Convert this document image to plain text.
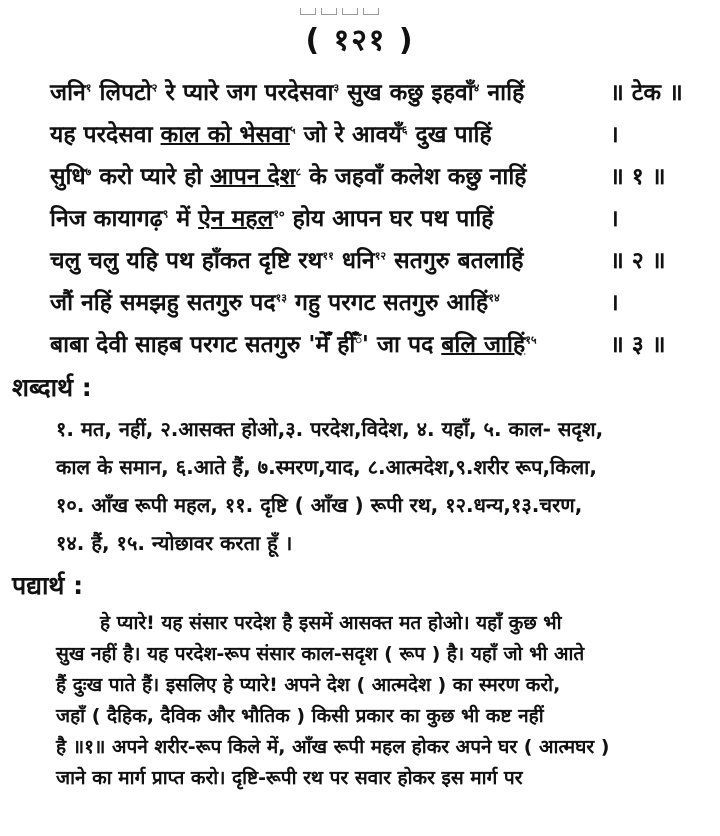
( १२१ )
जनि$^१$ लिपटो$^२$ रे प्यारे जग परदेसवा$^३$ सुख कछु इहवाँ$^४$ नाहिं	॥ टेक ॥
यह परदेसवा काल को भेसवा$^५$ जो रे आवयँ$^६$ दुख पाहिं	।
सुधि$^७$ करो प्यारे हो आपन देश$^८$ के जहवाँ कलेश कछु नाहिं	॥ १ ॥
निज कायागढ़$^९$ में ऐन महल$^{१०}$ होय आपन घर पथ पाहिं	।
चलु चलु यहि पथ हाँकत दृष्टि रथ$^{११}$ धनि$^{१२}$ सतगुरु बतलाहिं	॥ २ ॥
जौं नहिं समझहु सतगुरु पद$^{१३}$ गहु परगट सतगुरु आहिं$^{१४}$	।
बाबा देवी साहब परगट सतगुरु 'मेँ हीँँ' जा पद बलि जाहिं$^{१५}$	॥ ३ ॥
शब्दार्थ :
१. मत, नहीं, २.आसक्त होओ,३. परदेश,विदेश, ४. यहाँ, ५. काल- सदृश,
काल के समान, ६.आते हैं, ७.स्मरण,याद, ८.आत्मदेश,९.शरीर रूप,किला,
१०. आँख रूपी महल, ११. दृष्टि ( आँख ) रूपी रथ, १२.धन्य,१३.चरण,
१४. हैं, १५. न्योछावर करता हूँ ।
पद्यार्थ :
हे प्यारे! यह संसार परदेश है इसमें आसक्त मत होओ। यहाँ कुछ भी
सुख नहीं है। यह परदेश-रूप संसार काल-सदृश ( रूप ) है। यहाँ जो भी आते
हैं दुःख पाते हैं। इसलिए हे प्यारे! अपने देश ( आत्मदेश ) का स्मरण करो,
जहाँ ( दैहिक, दैविक और भौतिक ) किसी प्रकार का कुछ भी कष्ट नहीं
है ॥१॥ अपने शरीर-रूप किले में, आँख रूपी महल होकर अपने घर ( आत्मघर )
जाने का मार्ग प्राप्त करो। दृष्टि-रूपी रथ पर सवार होकर इस मार्ग पर
